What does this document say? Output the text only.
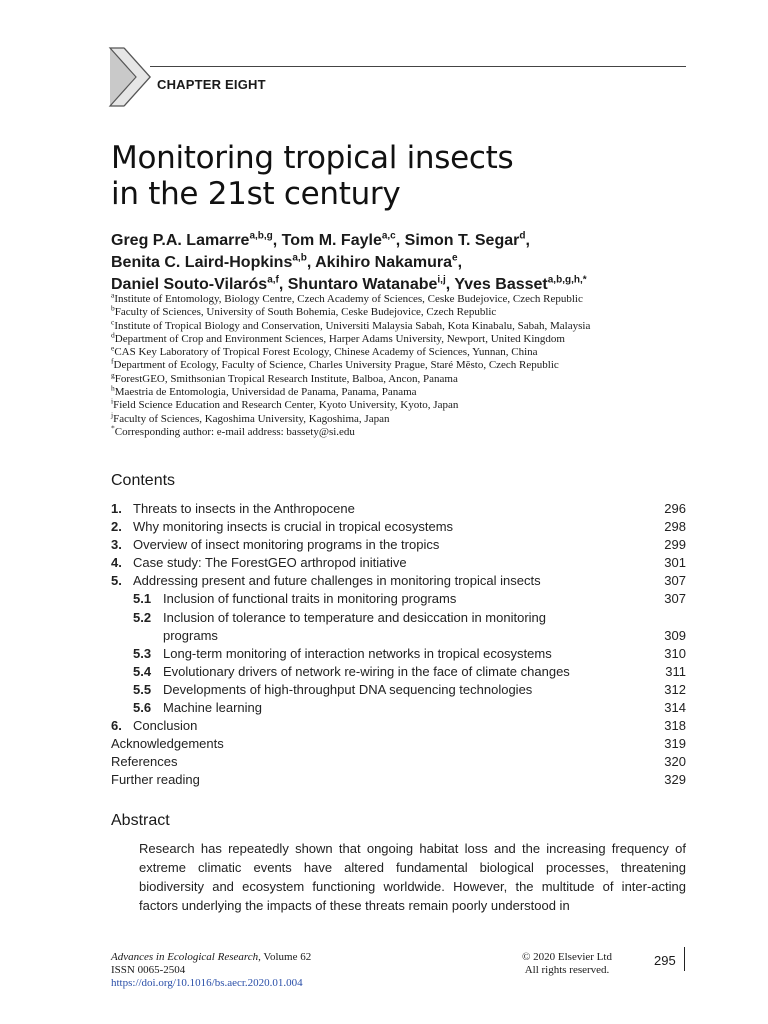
CHAPTER EIGHT
Monitoring tropical insects
in the 21st century
Greg P.A. Lamarre$^{a,b,g}$, Tom M. Fayle$^{a,c}$, Simon T. Segar$^d$,
Benita C. Laird-Hopkins$^{a,b}$, Akihiro Nakamura$^e$,
Daniel Souto-Vilarós$^{a,f}$, Shuntaro Watanabe$^{i,j}$, Yves Basset$^{a,b,g,h,*}$
$^a$Institute of Entomology, Biology Centre, Czech Academy of Sciences, Ceske Budejovice, Czech Republic
$^b$Faculty of Sciences, University of South Bohemia, Ceske Budejovice, Czech Republic
$^c$Institute of Tropical Biology and Conservation, Universiti Malaysia Sabah, Kota Kinabalu, Sabah, Malaysia
$^d$Department of Crop and Environment Sciences, Harper Adams University, Newport, United Kingdom
$^e$CAS Key Laboratory of Tropical Forest Ecology, Chinese Academy of Sciences, Yunnan, China
$^f$Department of Ecology, Faculty of Science, Charles University Prague, Staré Mĕsto, Czech Republic
$^g$ForestGEO, Smithsonian Tropical Research Institute, Balboa, Ancon, Panama
$^h$Maestria de Entomologia, Universidad de Panama, Panama, Panama
$^i$Field Science Education and Research Center, Kyoto University, Kyoto, Japan
$^j$Faculty of Sciences, Kagoshima University, Kagoshima, Japan
*Corresponding author: e-mail address: bassety@si.edu
Contents
1. Threats to insects in the Anthropocene	296
2. Why monitoring insects is crucial in tropical ecosystems	298
3. Overview of insect monitoring programs in the tropics	299
4. Case study: The ForestGEO arthropod initiative	301
5. Addressing present and future challenges in monitoring tropical insects	307
5.1 Inclusion of functional traits in monitoring programs	307
5.2 Inclusion of tolerance to temperature and desiccation in monitoring programs	309
5.3 Long-term monitoring of interaction networks in tropical ecosystems	310
5.4 Evolutionary drivers of network re-wiring in the face of climate changes	311
5.5 Developments of high-throughput DNA sequencing technologies	312
5.6 Machine learning	314
6. Conclusion	318
Acknowledgements	319
References	320
Further reading	329
Abstract

Research has repeatedly shown that ongoing habitat loss and the increasing frequency of extreme climatic events have altered fundamental biological processes, threatening biodiversity and ecosystem functioning worldwide. However, the multitude of inter-acting factors underlying the impacts of these threats remain poorly understood in

Advances in Ecological Research, Volume 62
ISSN 0065-2504
https://doi.org/10.1016/bs.aecr.2020.01.004
© 2020 Elsevier Ltd
All rights reserved.
295
